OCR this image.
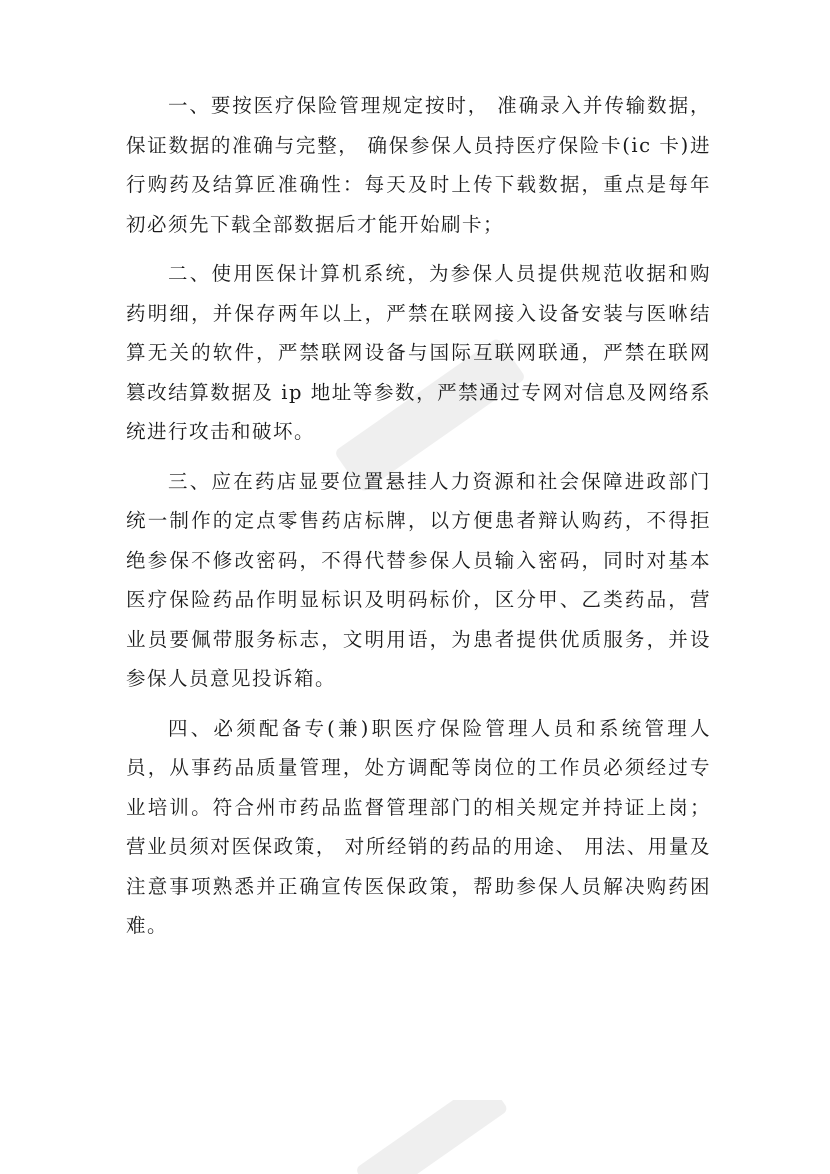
一、要按医疗保险管理规定按时， 准确录入并传输数据，保证数据的准确与完整， 确保参保人员持医疗保险卡(ic 卡)进行购药及结算匠准确性：每天及时上传下载数据，重点是每年初必须先下载全部数据后才能开始刷卡；

二、使用医保计算机系统，为参保人员提供规范收据和购药明细，并保存两年以上，严禁在联网接入设备安装与医咻结算无关的软件，严禁联网设备与国际互联网联通，严禁在联网篡改结算数据及 ip 地址等参数，严禁通过专网对信息及网络系统进行攻击和破坏。

三、应在药店显要位置悬挂人力资源和社会保障进政部门统一制作的定点零售药店标牌，以方便患者辩认购药，不得拒绝参保不修改密码，不得代替参保人员输入密码，同时对基本医疗保险药品作明显标识及明码标价，区分甲、乙类药品，营业员要佩带服务标志，文明用语，为患者提供优质服务，并设参保人员意见投诉箱。

四、必须配备专(兼)职医疗保险管理人员和系统管理人员，从事药品质量管理，处方调配等岗位的工作员必须经过专业培训。符合州市药品监督管理部门的相关规定并持证上岗； 营业员须对医保政策， 对所经销的药品的用途、 用法、用量及注意事项熟悉并正确宣传医保政策，帮助参保人员解决购药困难。
